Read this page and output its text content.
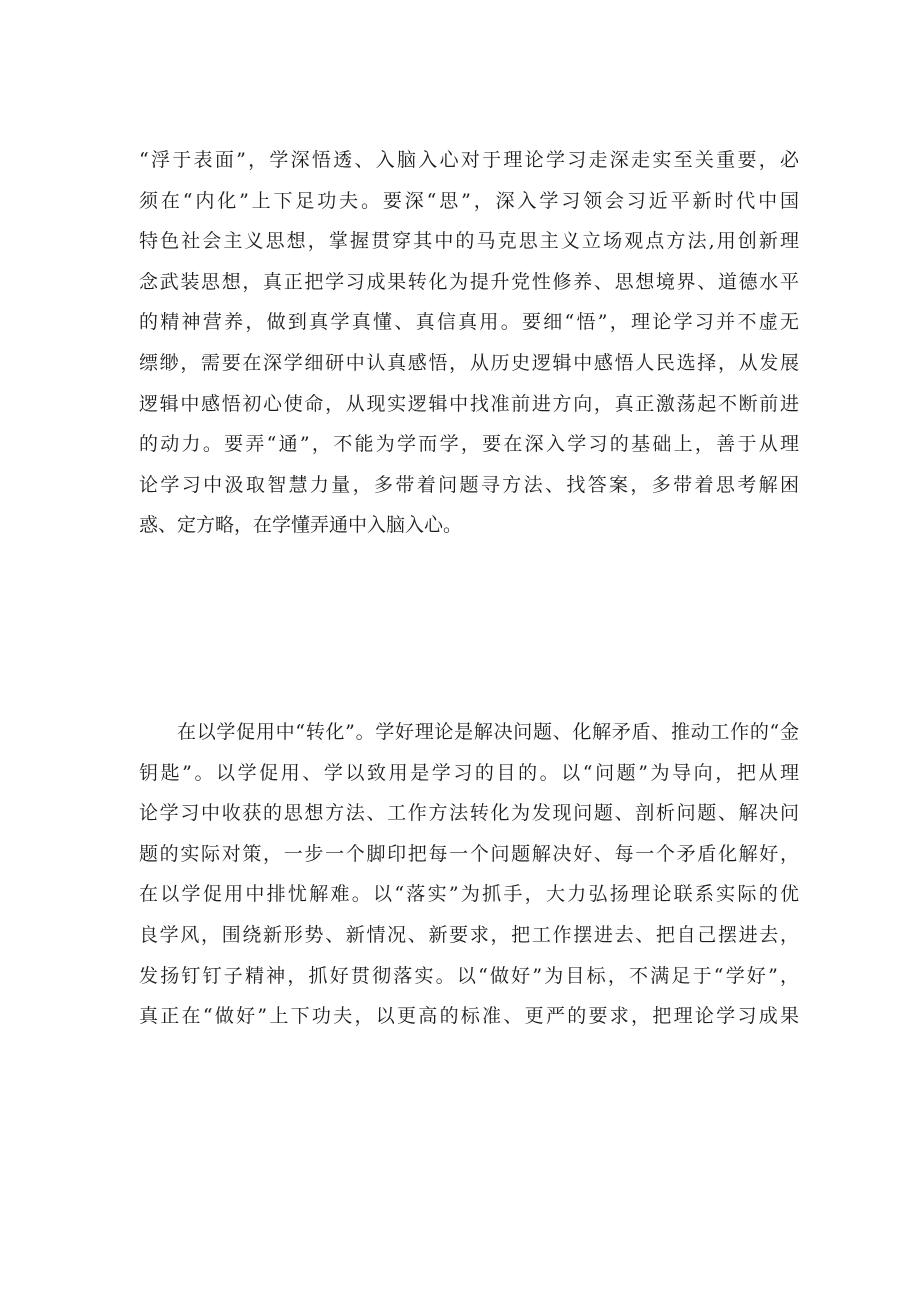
“浮于表面”，学深悟透、入脑入心对于理论学习走深走实至关重要，必
须在“内化”上下足功夫。要深“思”，深入学习领会习近平新时代中国
特色社会主义思想，掌握贯穿其中的马克思主义立场观点方法,用创新理
念武装思想，真正把学习成果转化为提升党性修养、思想境界、道德水平
的精神营养，做到真学真懂、真信真用。要细“悟”，理论学习并不虚无
缥缈，需要在深学细研中认真感悟，从历史逻辑中感悟人民选择，从发展
逻辑中感悟初心使命，从现实逻辑中找准前进方向，真正激荡起不断前进
的动力。要弄“通”，不能为学而学，要在深入学习的基础上，善于从理
论学习中汲取智慧力量，多带着问题寻方法、找答案，多带着思考解困
惑、定方略，在学懂弄通中入脑入心。
在以学促用中“转化”。学好理论是解决问题、化解矛盾、推动工作的“金
钥匙”。以学促用、学以致用是学习的目的。以“问题”为导向，把从理
论学习中收获的思想方法、工作方法转化为发现问题、剖析问题、解决问
题的实际对策，一步一个脚印把每一个问题解决好、每一个矛盾化解好，
在以学促用中排忧解难。以“落实”为抓手，大力弘扬理论联系实际的优
良学风，围绕新形势、新情况、新要求，把工作摆进去、把自己摆进去，
发扬钉钉子精神，抓好贯彻落实。以“做好”为目标，不满足于“学好”，
真正在“做好”上下功夫，以更高的标准、更严的要求，把理论学习成果
